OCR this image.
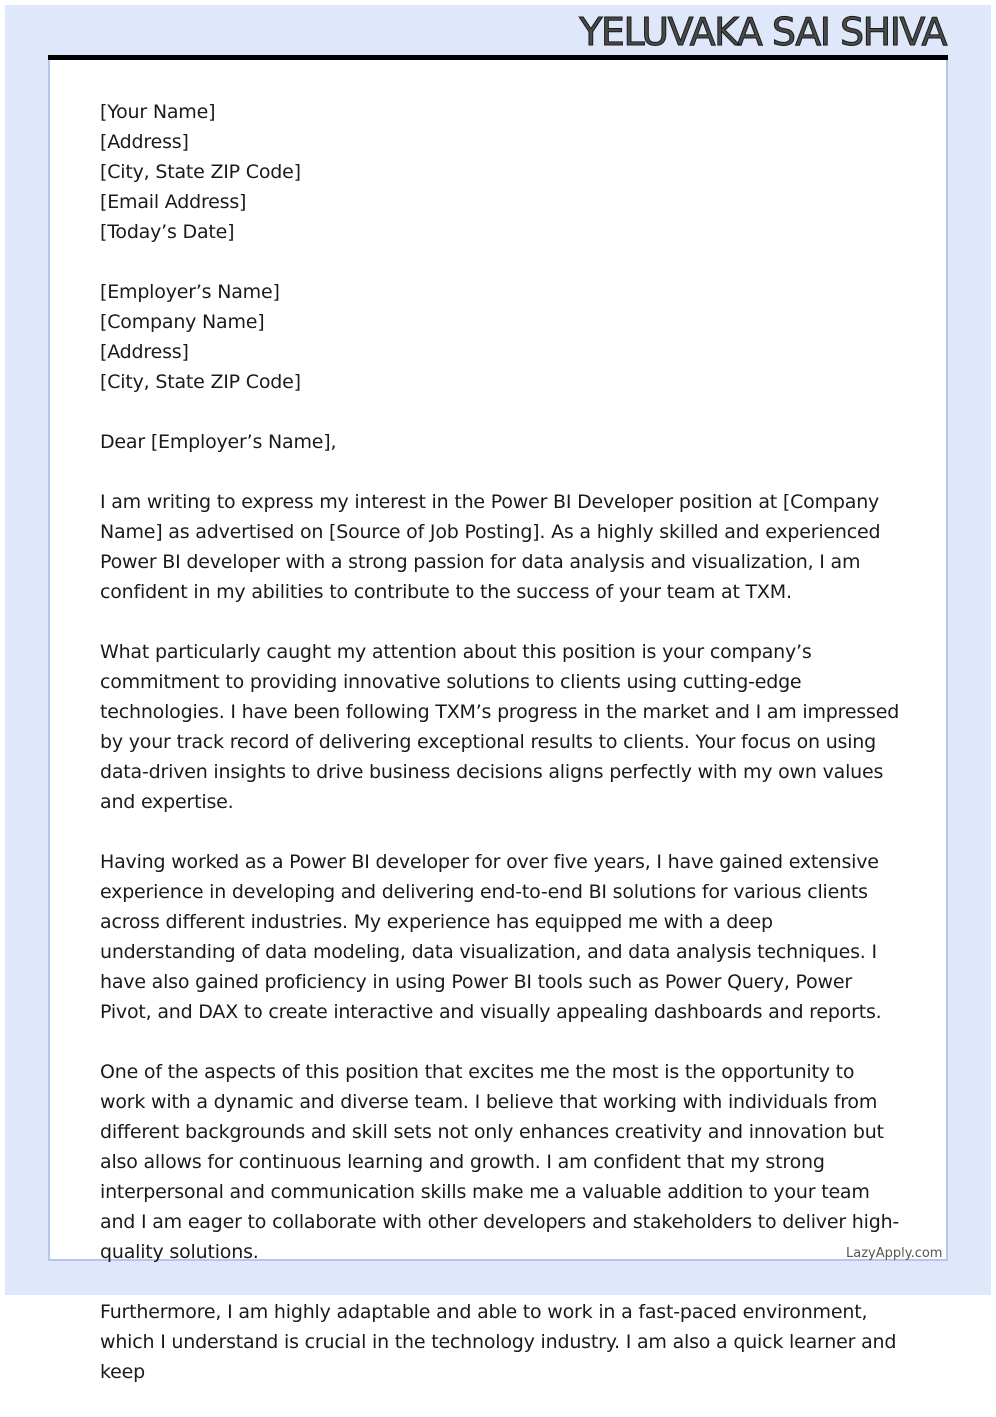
YELUVAKA SAI SHIVA
[Your Name]
[Address]
[City, State ZIP Code]
[Email Address]
[Today’s Date]
[Employer’s Name]
[Company Name]
[Address]
[City, State ZIP Code]

Dear [Employer’s Name],

I am writing to express my interest in the Power BI Developer position at [Company Name] as advertised on [Source of Job Posting]. As a highly skilled and experienced Power BI developer with a strong passion for data analysis and visualization, I am confident in my abilities to contribute to the success of your team at TXM.

What particularly caught my attention about this position is your company’s commitment to providing innovative solutions to clients using cutting-edge technologies. I have been following TXM’s progress in the market and I am impressed by your track record of delivering exceptional results to clients. Your focus on using data-driven insights to drive business decisions aligns perfectly with my own values and expertise.

Having worked as a Power BI developer for over five years, I have gained extensive experience in developing and delivering end-to-end BI solutions for various clients across different industries. My experience has equipped me with a deep understanding of data modeling, data visualization, and data analysis techniques. I have also gained proficiency in using Power BI tools such as Power Query, Power Pivot, and DAX to create interactive and visually appealing dashboards and reports.

One of the aspects of this position that excites me the most is the opportunity to work with a dynamic and diverse team. I believe that working with individuals from different backgrounds and skill sets not only enhances creativity and innovation but also allows for continuous learning and growth. I am confident that my strong interpersonal and communication skills make me a valuable addition to your team and I am eager to collaborate with other developers and stakeholders to deliver high-quality solutions.

Furthermore, I am highly adaptable and able to work in a fast-paced environment, which I understand is crucial in the technology industry. I am also a quick learner and keep

LazyApply.com
